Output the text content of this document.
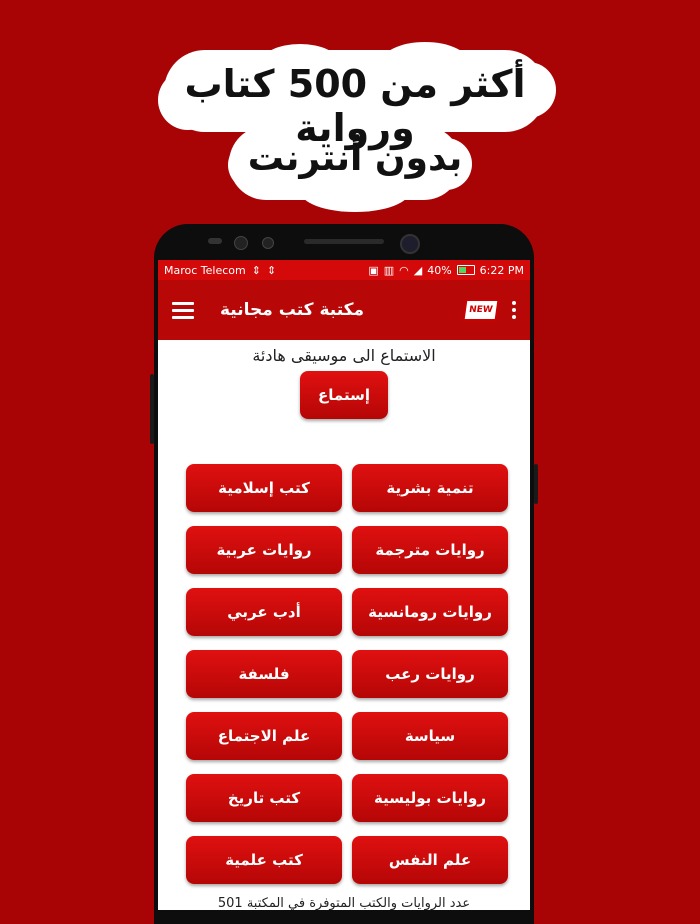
أكثر من 500 كتاب ورواية
بدون أنترنت
Maroc Telecom ⇕ ⇕	▣ ▥ ◠ ◢ 40%	6:22 PM
مكتبة كتب مجانية	NEW
الاستماع الى موسيقى هادئة
إستماع
كتب إسلامية	تنمية بشرية
روايات عربية	روايات مترجمة
أدب عربي	روايات رومانسية
فلسفة	روايات رعب
علم الاجتماع	سياسة
كتب تاريخ	روايات بوليسية
كتب علمية	علم النفس
عدد الروايات والكتب المتوفرة في المكتبة 501
